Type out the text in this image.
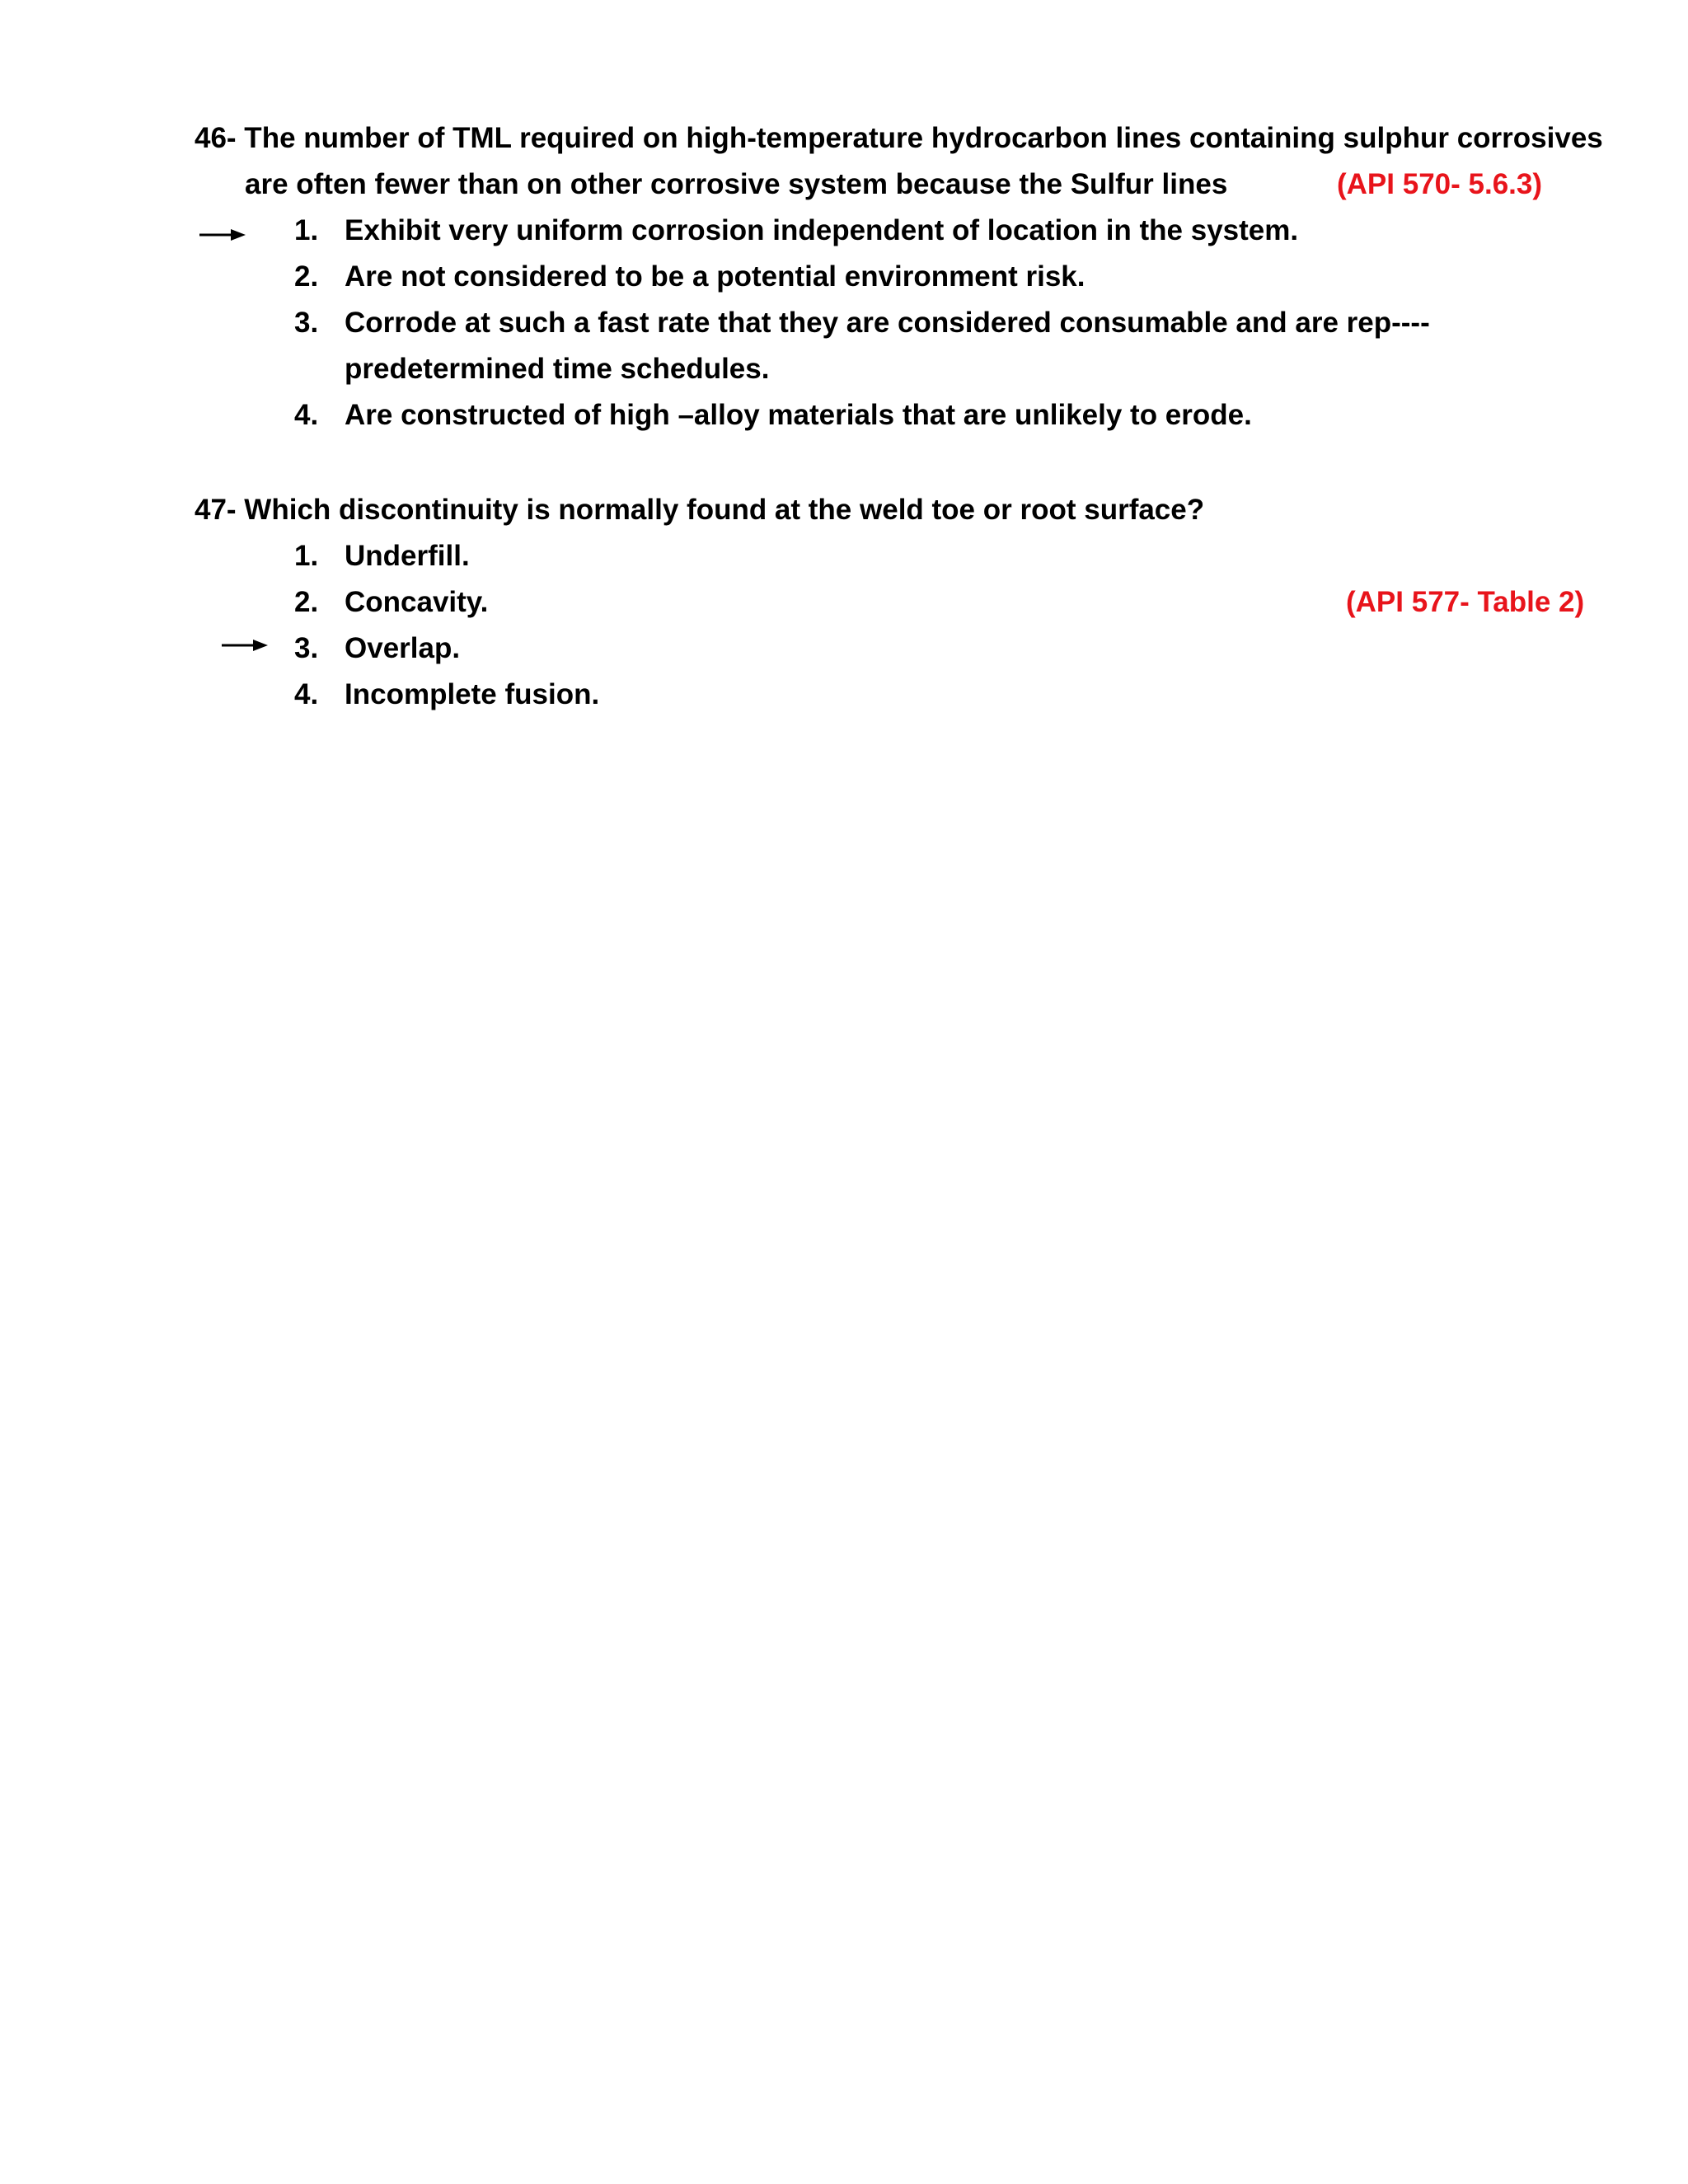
46- The number of TML required on high-temperature hydrocarbon lines containing sulphur corrosives
are often fewer than on other corrosive system because the Sulfur lines	(API 570- 5.6.3)
1. Exhibit very uniform corrosion independent of location in the system.
2. Are not considered to be a potential environment risk.
3. Corrode at such a fast rate that they are considered consumable and are rep----
predetermined time schedules.
4. Are constructed of high –alloy materials that are unlikely to erode.
47- Which discontinuity is normally found at the weld toe or root surface?
1. Underfill.
2. Concavity.	(API 577- Table 2)
3. Overlap.
4. Incomplete fusion.
